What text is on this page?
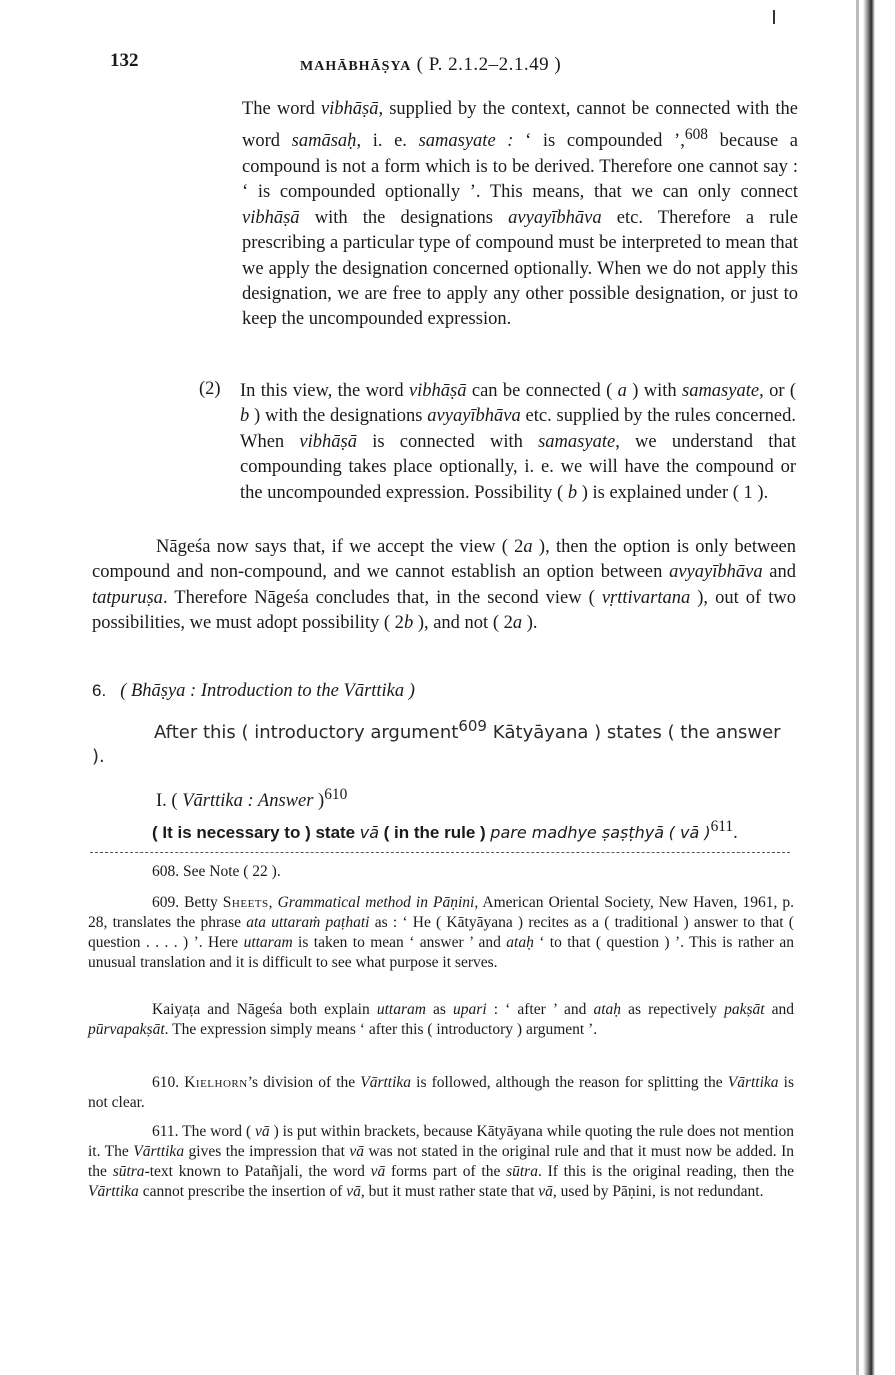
132	MAHĀBHĀṢYA ( P. 2.1.2–2.1.49 )
The word vibhāṣā, supplied by the context, cannot be connected with the word samāsaḥ, i. e. samasyate : ‘ is compounded ’,$^{608}$ because a compound is not a form which is to be derived. Therefore one cannot say : ‘ is compounded optionally ’. This means, that we can only connect vibhāṣā with the designations avyayībhāva etc. Therefore a rule prescribing a particular type of compound must be interpreted to mean that we apply the designation concerned optionally. When we do not apply this designation, we are free to apply any other possible designation, or just to keep the uncompounded expression.
(2) In this view, the word vibhāṣā can be connected ( a ) with samasyate, or ( b ) with the designations avyayībhāva etc. supplied by the rules concerned. When vibhāṣā is connected with samasyate, we understand that compounding takes place optionally, i. e. we will have the compound or the uncompounded expression. Possibility ( b ) is explained under ( 1 ).
Nāgeśa now says that, if we accept the view ( 2a ), then the option is only between compound and non-compound, and we cannot establish an option between avyayībhāva and tatpuruṣa. Therefore Nāgeśa concludes that, in the second view ( vṛttivartana ), out of two possibilities, we must adopt possibility ( 2b ), and not ( 2a ).
6. ( Bhāṣya : Introduction to the Vārttika )
After this ( introductory argument$^{609}$ Kātyāyana ) states ( the answer ).
I. ( Vārttika : Answer )$^{610}$
( It is necessary to ) state vā ( in the rule ) pare madhye ṣaṣṭhyā ( vā )$^{611}$.
608. See Note ( 22 ).
609. Betty Sheets, Grammatical method in Pāṇini, American Oriental Society, New Haven, 1961, p. 28, translates the phrase ata uttaraṁ paṭhati as : ‘ He ( Kātyāyana ) recites as a ( traditional ) answer to that ( question . . . . ) ’. Here uttaram is taken to mean ‘ answer ’ and ataḥ ‘ to that ( question ) ’. This is rather an unusual translation and it is difficult to see what purpose it serves.
Kaiyaṭa and Nāgeśa both explain uttaram as upari : ‘ after ’ and ataḥ as repectively pakṣāt and pūrvapakṣāt. The expression simply means ‘ after this ( introductory ) argument ’.
610. Kielhorn’s division of the Vārttika is followed, although the reason for splitting the Vārttika is not clear.
611. The word ( vā ) is put within brackets, because Kātyāyana while quoting the rule does not mention it. The Vārttika gives the impression that vā was not stated in the original rule and that it must now be added. In the sūtra-text known to Patañjali, the word vā forms part of the sūtra. If this is the original reading, then the Vārttika cannot prescribe the insertion of vā, but it must rather state that vā, used by Pāṇini, is not redundant.
